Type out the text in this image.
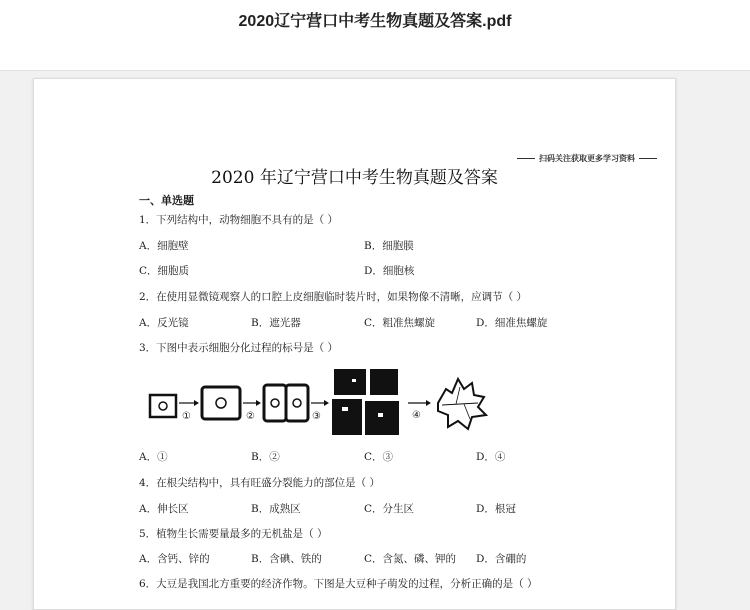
2020辽宁营口中考生物真题及答案.pdf
扫码关注获取更多学习资料
2020 年辽宁营口中考生物真题及答案
一、单选题
1．下列结构中，动物细胞不具有的是（ ）
A．细胞壁	B．细胞膜
C．细胞质	D．细胞核
2．在使用显微镜观察人的口腔上皮细胞临时装片时，如果物像不清晰，应调节（ ）
A．反光镜	B．遮光器	C．粗准焦螺旋	D．细准焦螺旋
3．下图中表示细胞分化过程的标号是（ ）
①	②	③	④
A．①	B．②	C．③	D．④
4．在根尖结构中，具有旺盛分裂能力的部位是（ ）
A．伸长区	B．成熟区	C．分生区	D．根冠
5．植物生长需要量最多的无机盐是（ ）
A．含钙、锌的	B．含碘、铁的	C．含氮、磷、钾的 D．含硼的
6．大豆是我国北方重要的经济作物。下图是大豆种子萌发的过程，分析正确的是（ ）
